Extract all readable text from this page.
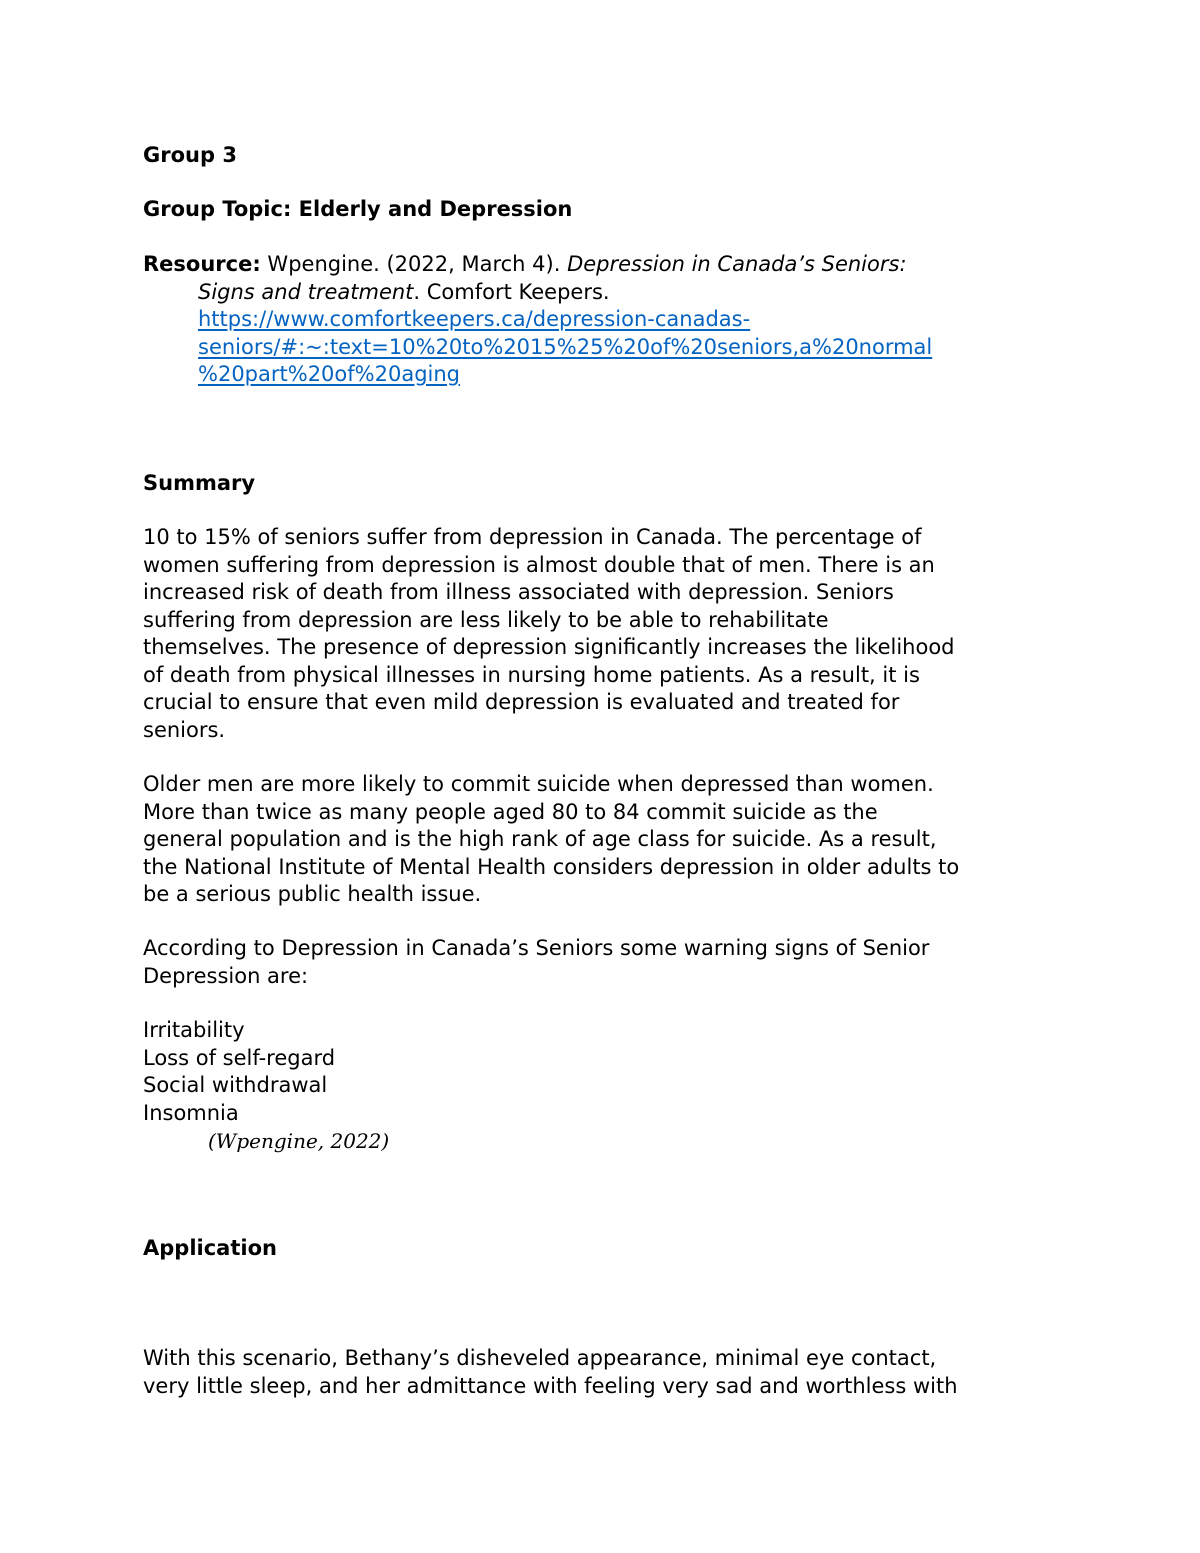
Group 3
Group Topic: Elderly and Depression
Resource: Wpengine. (2022, March 4). Depression in Canada’s Seniors:
Signs and treatment. Comfort Keepers.
https://www.comfortkeepers.ca/depression-canadas-
seniors/#:~:text=10%20to%2015%25%20of%20seniors,a%20normal
%20part%20of%20aging
Summary
10 to 15% of seniors suffer from depression in Canada. The percentage of
women suffering from depression is almost double that of men. There is an
increased risk of death from illness associated with depression. Seniors
suffering from depression are less likely to be able to rehabilitate
themselves. The presence of depression significantly increases the likelihood
of death from physical illnesses in nursing home patients. As a result, it is
crucial to ensure that even mild depression is evaluated and treated for
seniors.
Older men are more likely to commit suicide when depressed than women.
More than twice as many people aged 80 to 84 commit suicide as the
general population and is the high rank of age class for suicide. As a result,
the National Institute of Mental Health considers depression in older adults to
be a serious public health issue.
According to Depression in Canada’s Seniors some warning signs of Senior
Depression are:
Irritability
Loss of self-regard
Social withdrawal
Insomnia
(Wpengine, 2022)
Application
With this scenario, Bethany’s disheveled appearance, minimal eye contact,
very little sleep, and her admittance with feeling very sad and worthless with
